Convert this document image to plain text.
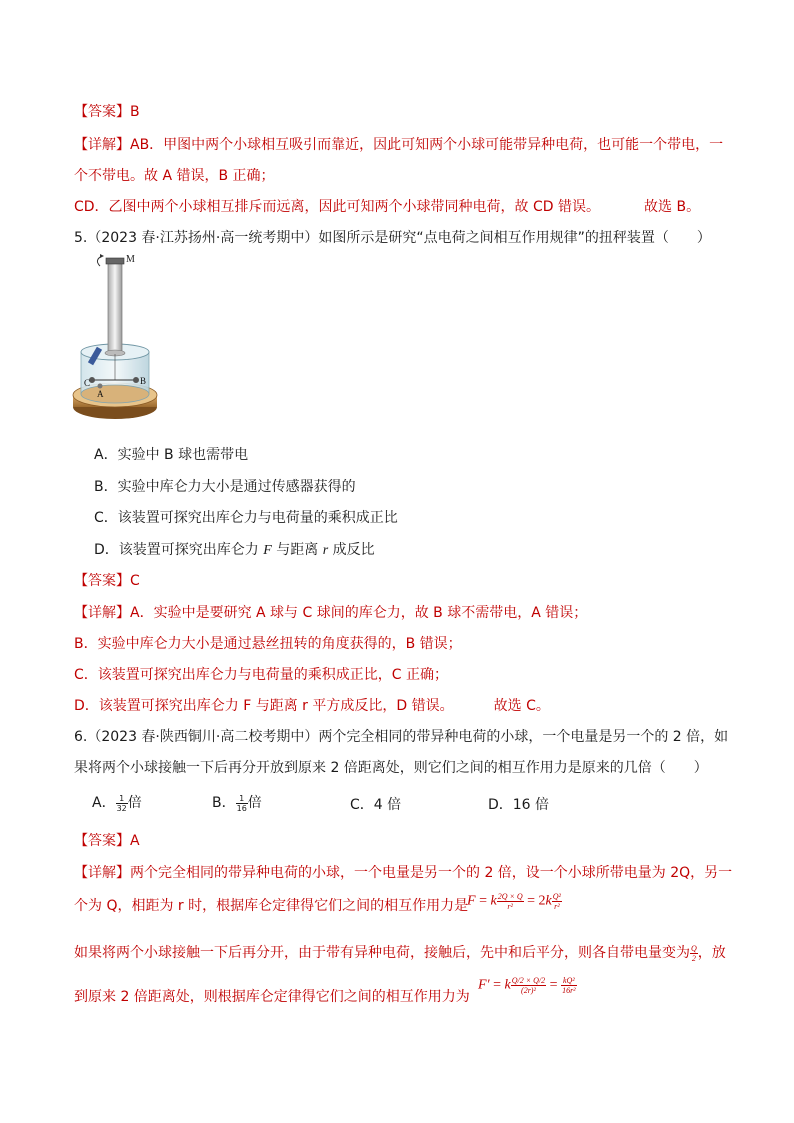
【答案】B
【详解】AB．甲图中两个小球相互吸引而靠近，因此可知两个小球可能带异种电荷，也可能一个带电，一
个不带电。故 A 错误，B 正确；
CD．乙图中两个小球相互排斥而远离，因此可知两个小球带同种电荷，故 CD 错误。	故选 B。
5.（2023 春·江苏扬州·高一统考期中）如图所示是研究“点电荷之间相互作用规律”的扭秤装置（　　）
M
C
A
B
A．实验中 B 球也需带电
B．实验中库仑力大小是通过传感器获得的
C．该装置可探究出库仑力与电荷量的乘积成正比
D．该装置可探究出库仑力 F 与距离 r 成反比
【答案】C
【详解】A．实验中是要研究 A 球与 C 球间的库仑力，故 B 球不需带电，A 错误；
B．实验中库仑力大小是通过悬丝扭转的角度获得的，B 错误；
C．该装置可探究出库仑力与电荷量的乘积成正比，C 正确；
D．该装置可探究出库仑力 F 与距离 r 平方成反比，D 错误。	故选 C。
6.（2023 春·陕西铜川·高二校考期中）两个完全相同的带异种电荷的小球，一个电量是另一个的 2 倍，如
果将两个小球接触一下后再分开放到原来 2 倍距离处，则它们之间的相互作用力是原来的几倍（　　）
A． $\frac{1}{32}$ 倍	B． $\frac{1}{16}$ 倍	C．4 倍	D．16 倍
【答案】A
【详解】两个完全相同的带异种电荷的小球，一个电量是另一个的 2 倍，设一个小球所带电量为 2Q，另一
个为 Q，相距为 r 时，根据库仑定律得它们之间的相互作用力是
F = k $\frac{2Q \times Q}{\text{r²}} = 2k \frac{\text{Q²}}{\text{r²}}$
如果将两个小球接触一下后再分开，由于带有异种电荷，接触后，先中和后平分，则各自带电量变为 $\frac{Q}{2}$ ，放
到原来 2 倍距离处，则根据库仑定律得它们之间的相互作用力为
F′ = k $\frac{Q/2 \times Q/2}{\text{(2r)²}} = \frac{\text{kQ²}}{\text{16r²}}$
